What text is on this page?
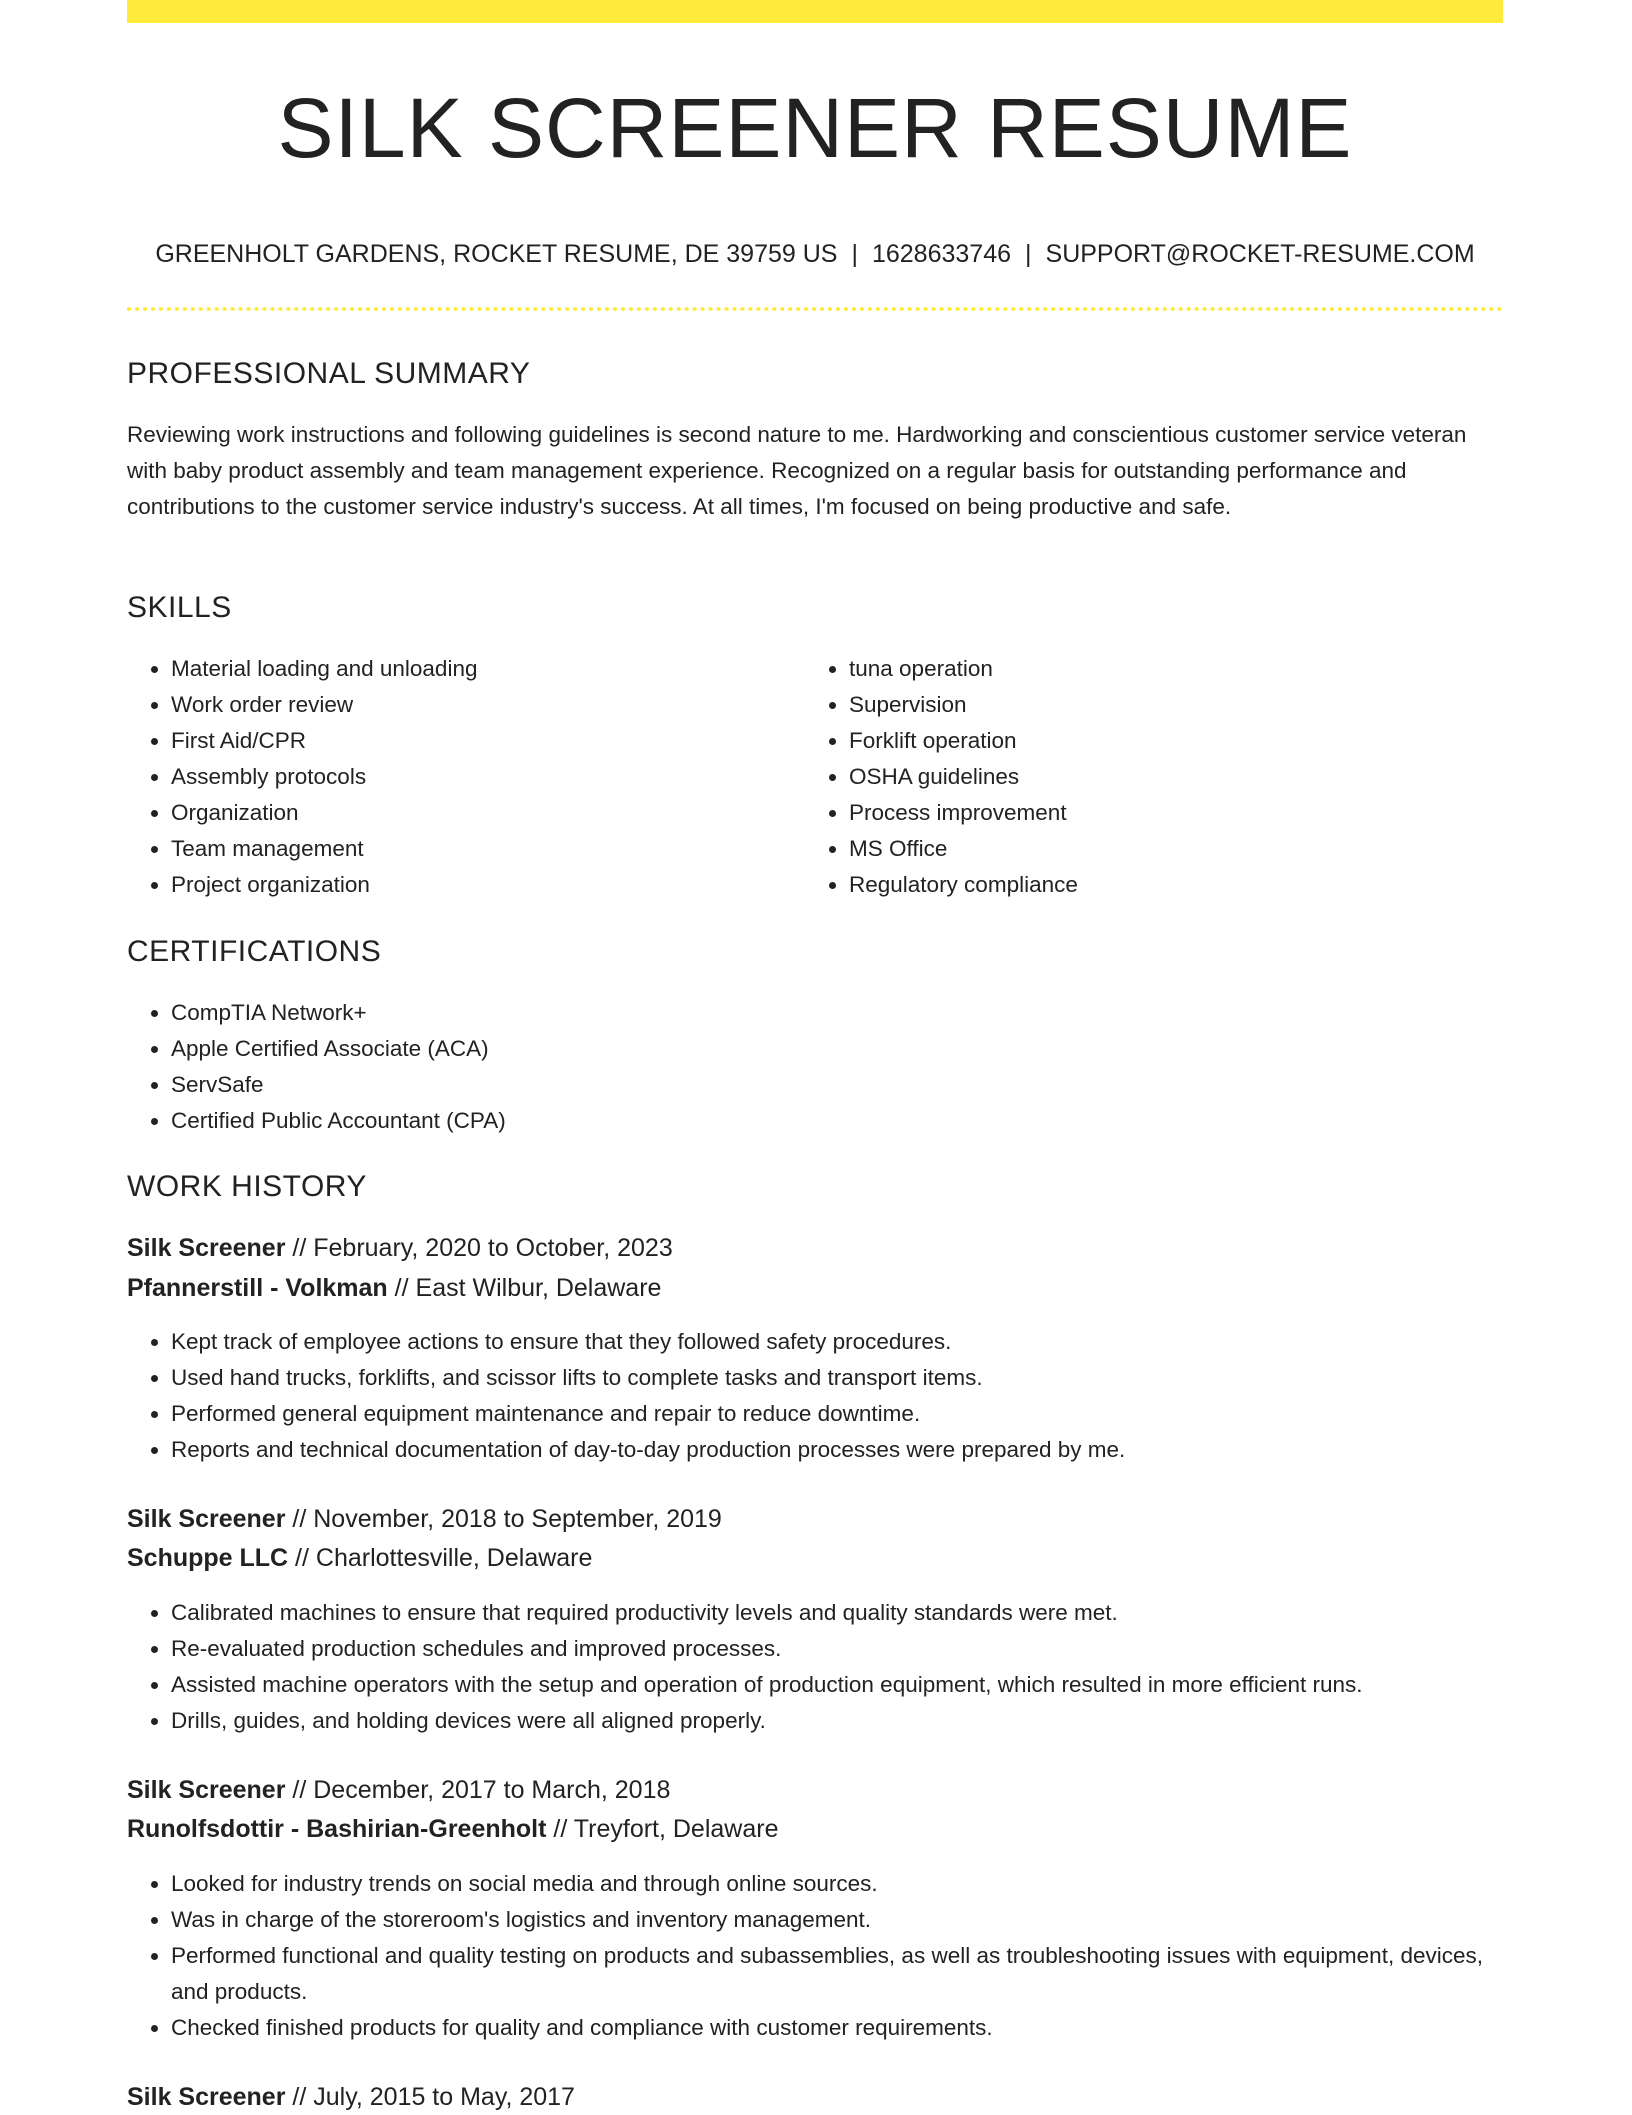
SILK SCREENER RESUME
GREENHOLT GARDENS, ROCKET RESUME, DE 39759 US | 1628633746 | SUPPORT@ROCKET-RESUME.COM
PROFESSIONAL SUMMARY

Reviewing work instructions and following guidelines is second nature to me. Hardworking and conscientious customer service veteran with baby product assembly and team management experience. Recognized on a regular basis for outstanding performance and contributions to the customer service industry's success. At all times, I'm focused on being productive and safe.

SKILLS
• Material loading and unloading
• Work order review
• First Aid/CPR
• Assembly protocols
• Organization
• Team management
• Project organization
• tuna operation
• Supervision
• Forklift operation
• OSHA guidelines
• Process improvement
• MS Office
• Regulatory compliance
CERTIFICATIONS
• CompTIA Network+
• Apple Certified Associate (ACA)
• ServSafe
• Certified Public Accountant (CPA)
WORK HISTORY
Silk Screener // February, 2020 to October, 2023
Pfannerstill - Volkman // East Wilbur, Delaware
• Kept track of employee actions to ensure that they followed safety procedures.
• Used hand trucks, forklifts, and scissor lifts to complete tasks and transport items.
• Performed general equipment maintenance and repair to reduce downtime.
• Reports and technical documentation of day-to-day production processes were prepared by me.
Silk Screener // November, 2018 to September, 2019
Schuppe LLC // Charlottesville, Delaware
• Calibrated machines to ensure that required productivity levels and quality standards were met.
• Re-evaluated production schedules and improved processes.
• Assisted machine operators with the setup and operation of production equipment, which resulted in more efficient runs.
• Drills, guides, and holding devices were all aligned properly.
Silk Screener // December, 2017 to March, 2018
Runolfsdottir - Bashirian-Greenholt // Treyfort, Delaware
• Looked for industry trends on social media and through online sources.
• Was in charge of the storeroom's logistics and inventory management.
• Performed functional and quality testing on products and subassemblies, as well as troubleshooting issues with equipment, devices, and products.
• Checked finished products for quality and compliance with customer requirements.
Silk Screener // July, 2015 to May, 2017
